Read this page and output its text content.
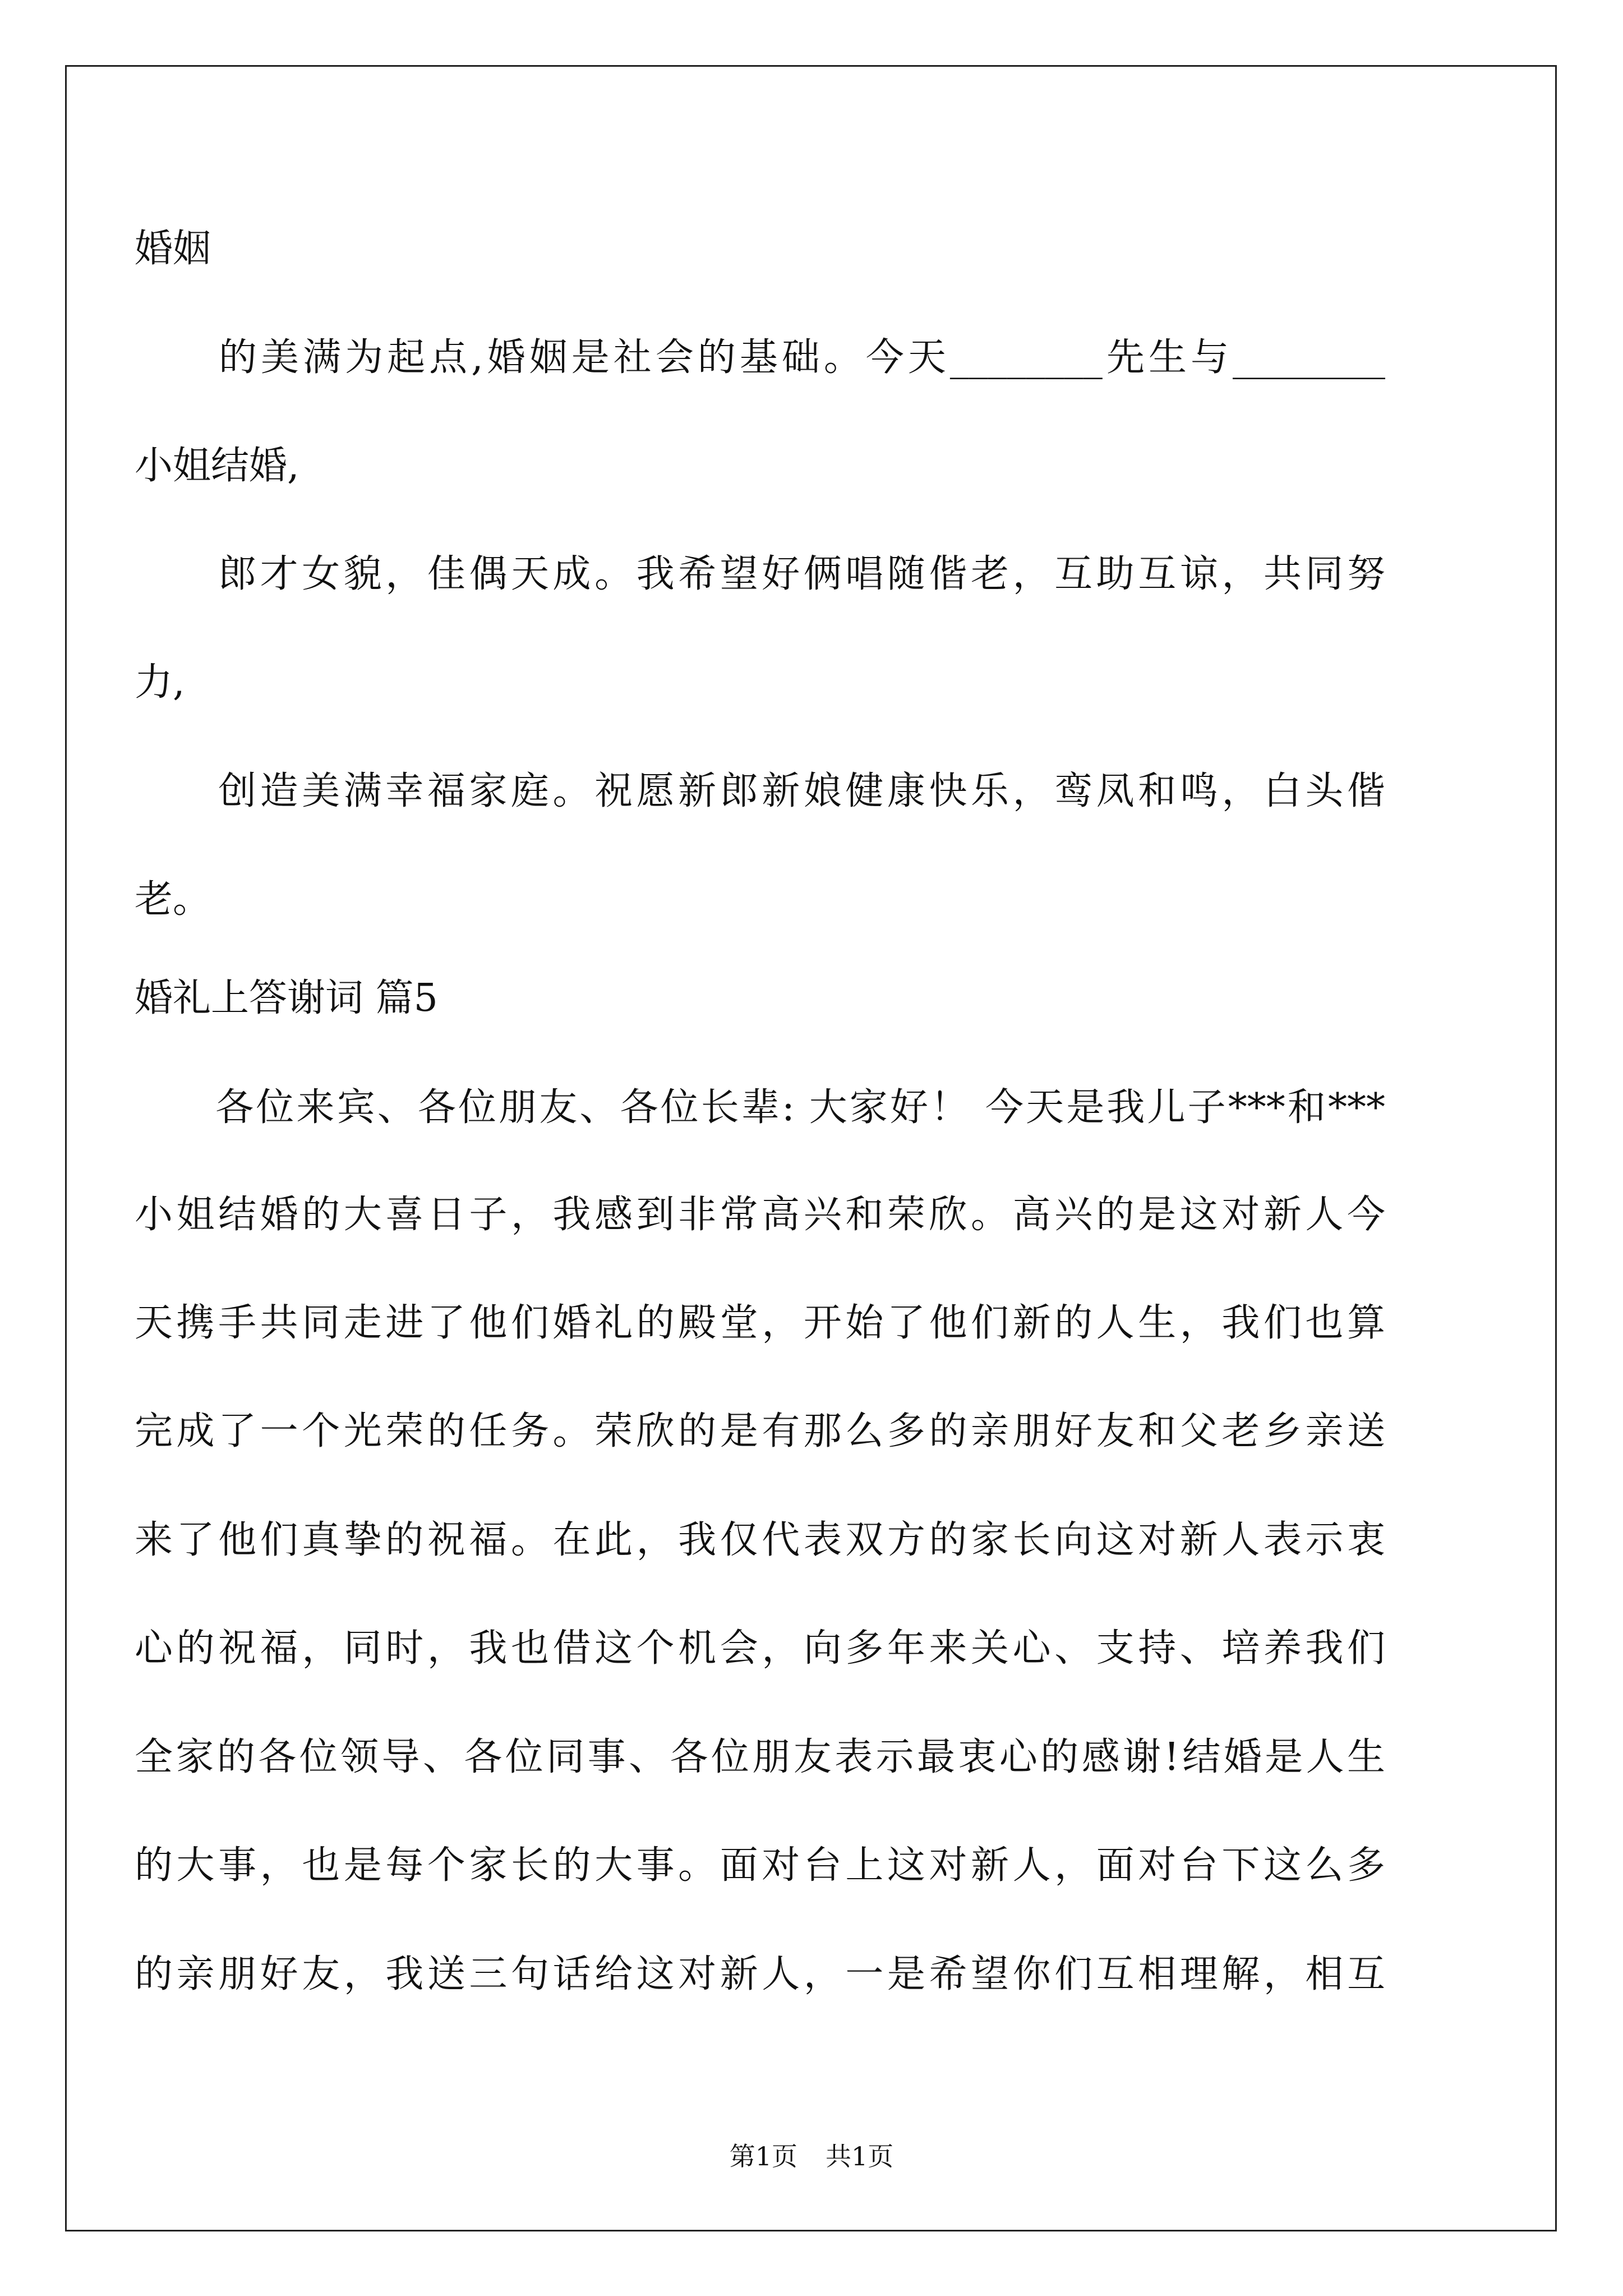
婚姻
　　的美满为起点,婚姻是社会的基础。今天________先生与________
小姐结婚,
　　郎才女貌，佳偶天成。我希望好俩唱随偕老，互助互谅，共同努
力,
　　创造美满幸福家庭。祝愿新郎新娘健康快乐，鸾凤和鸣，白头偕
老。
婚礼上答谢词 篇5
　　各位来宾、各位朋友、各位长辈: 大家好！ 今天是我儿子***和***
小姐结婚的大喜日子，我感到非常高兴和荣欣。高兴的是这对新人今
天携手共同走进了他们婚礼的殿堂，开始了他们新的人生，我们也算
完成了一个光荣的任务。荣欣的是有那么多的亲朋好友和父老乡亲送
来了他们真挚的祝福。在此，我仅代表双方的家长向这对新人表示衷
心的祝福，同时，我也借这个机会，向多年来关心、支持、培养我们
全家的各位领导、各位同事、各位朋友表示最衷心的感谢!结婚是人生
的大事，也是每个家长的大事。面对台上这对新人，面对台下这么多
的亲朋好友，我送三句话给这对新人，一是希望你们互相理解，相互
第1页 共1页
